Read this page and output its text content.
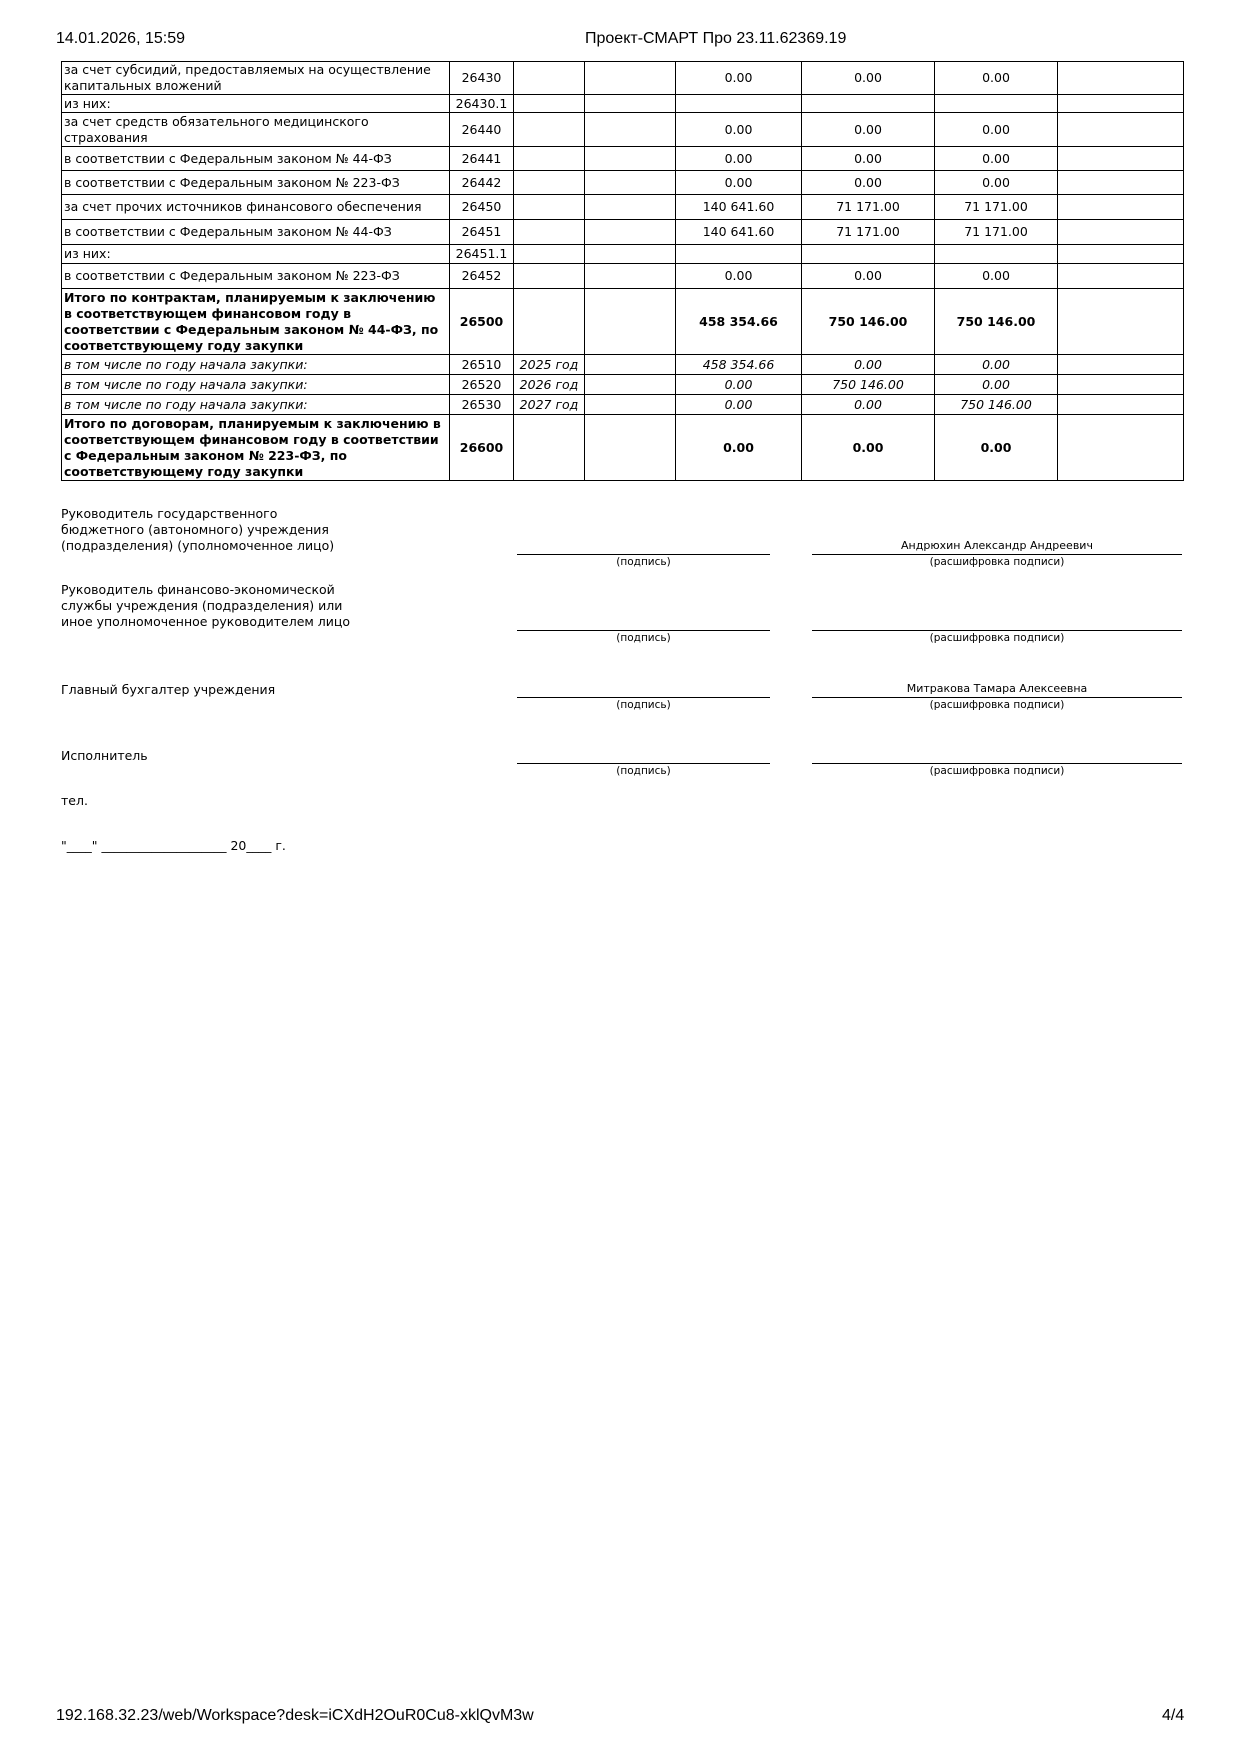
14.01.2026, 15:59	Проект-СМАРТ Про 23.11.62369.19
за счет субсидий, предоставляемых на осуществление капитальных вложений	26430			0.00	0.00	0.00	
из них:	26430.1						
за счет средств обязательного медицинского страхования	26440			0.00	0.00	0.00	
в соответствии с Федеральным законом № 44-ФЗ	26441			0.00	0.00	0.00	
в соответствии с Федеральным законом № 223-ФЗ	26442			0.00	0.00	0.00	
за счет прочих источников финансового обеспечения	26450			140 641.60	71 171.00	71 171.00	
в соответствии с Федеральным законом № 44-ФЗ	26451			140 641.60	71 171.00	71 171.00	
из них:	26451.1						
в соответствии с Федеральным законом № 223-ФЗ	26452			0.00	0.00	0.00	
Итого по контрактам, планируемым к заключению в соответствующем финансовом году в соответствии с Федеральным законом № 44-ФЗ, по соответствующему году закупки	26500			458 354.66	750 146.00	750 146.00	
в том числе по году начала закупки:	26510	2025 год		458 354.66	0.00	0.00	
в том числе по году начала закупки:	26520	2026 год		0.00	750 146.00	0.00	
в том числе по году начала закупки:	26530	2027 год		0.00	0.00	750 146.00	
Итого по договорам, планируемым к заключению в соответствующем финансовом году в соответствии с Федеральным законом № 223-ФЗ, по соответствующему году закупки	26600			0.00	0.00	0.00	
Руководитель государственного бюджетного (автономного) учреждения (подразделения) (уполномоченное лицо)	Андрюхин Александр Андреевич
(подпись)	(расшифровка подписи)
Руководитель финансово-экономической службы учреждения (подразделения) или иное уполномоченное руководителем лицо
(подпись)	(расшифровка подписи)
Главный бухгалтер учреждения	Митракова Тамара Алексеевна
(подпись)	(расшифровка подписи)
Исполнитель
(подпись)	(расшифровка подписи)
тел.
"____" ____________________ 20____ г.
192.168.32.23/web/Workspace?desk=iCXdH2OuR0Cu8-xklQvM3w	4/4
